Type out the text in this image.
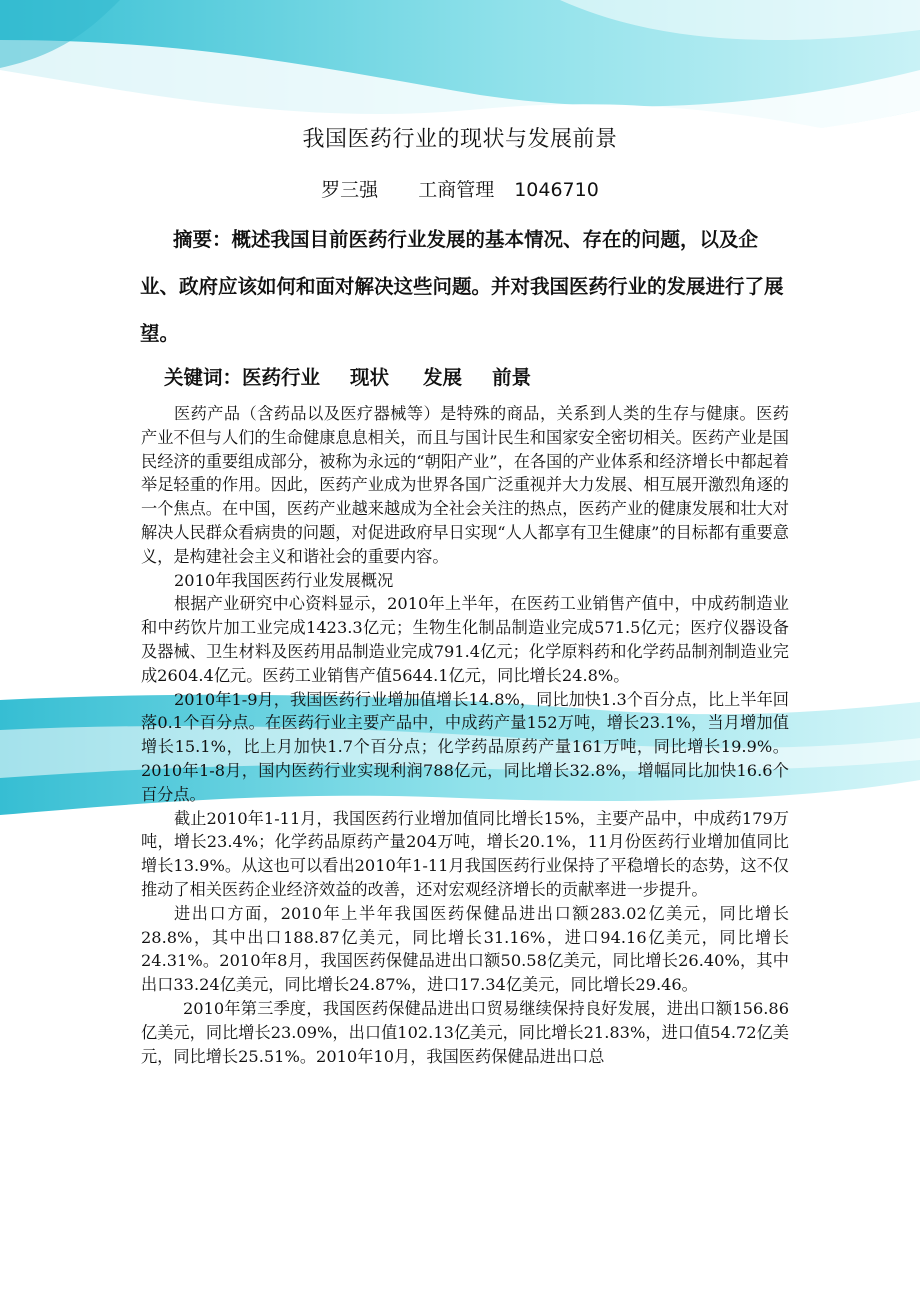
我国医药行业的现状与发展前景
罗三强 工商管理 1046710
摘要：概述我国目前医药行业发展的基本情况、存在的问题，以及企业、政府应该如何和面对解决这些问题。并对我国医药行业的发展进行了展望。
关键词：医药行业 现状 发展 前景

医药产品（含药品以及医疗器械等）是特殊的商品，关系到人类的生存与健康。医药产业不但与人们的生命健康息息相关，而且与国计民生和国家安全密切相关。医药产业是国民经济的重要组成部分，被称为永远的“朝阳产业”，在各国的产业体系和经济增长中都起着举足轻重的作用。因此，医药产业成为世界各国广泛重视并大力发展、相互展开激烈角逐的一个焦点。在中国，医药产业越来越成为全社会关注的热点，医药产业的健康发展和壮大对解决人民群众看病贵的问题，对促进政府早日实现“人人都享有卫生健康”的目标都有重要意义，是构建社会主义和谐社会的重要内容。

2010年我国医药行业发展概况

根据产业研究中心资料显示，2010年上半年，在医药工业销售产值中，中成药制造业和中药饮片加工业完成1423.3亿元；生物生化制品制造业完成571.5亿元；医疗仪器设备及器械、卫生材料及医药用品制造业完成791.4亿元；化学原料药和化学药品制剂制造业完成2604.4亿元。医药工业销售产值5644.1亿元，同比增长24.8%。

2010年1-9月，我国医药行业增加值增长14.8%，同比加快1.3个百分点，比上半年回落0.1个百分点。在医药行业主要产品中，中成药产量152万吨，增长23.1%，当月增加值增长15.1%，比上月加快1.7个百分点；化学药品原药产量161万吨，同比增长19.9%。2010年1-8月，国内医药行业实现利润788亿元，同比增长32.8%，增幅同比加快16.6个百分点。

截止2010年1-11月，我国医药行业增加值同比增长15%，主要产品中，中成药179万吨，增长23.4%；化学药品原药产量204万吨，增长20.1%，11月份医药行业增加值同比增长13.9%。从这也可以看出2010年1-11月我国医药行业保持了平稳增长的态势，这不仅推动了相关医药企业经济效益的改善，还对宏观经济增长的贡献率进一步提升。

进出口方面，2010年上半年我国医药保健品进出口额283.02亿美元，同比增长28.8%，其中出口188.87亿美元，同比增长31.16%，进口94.16亿美元，同比增长24.31%。2010年8月，我国医药保健品进出口额50.58亿美元，同比增长26.40%，其中出口33.24亿美元，同比增长24.87%，进口17.34亿美元，同比增长29.46。

2010年第三季度，我国医药保健品进出口贸易继续保持良好发展，进出口额156.86亿美元，同比增长23.09%，出口值102.13亿美元，同比增长21.83%，进口值54.72亿美元，同比增长25.51%。2010年10月，我国医药保健品进出口总
